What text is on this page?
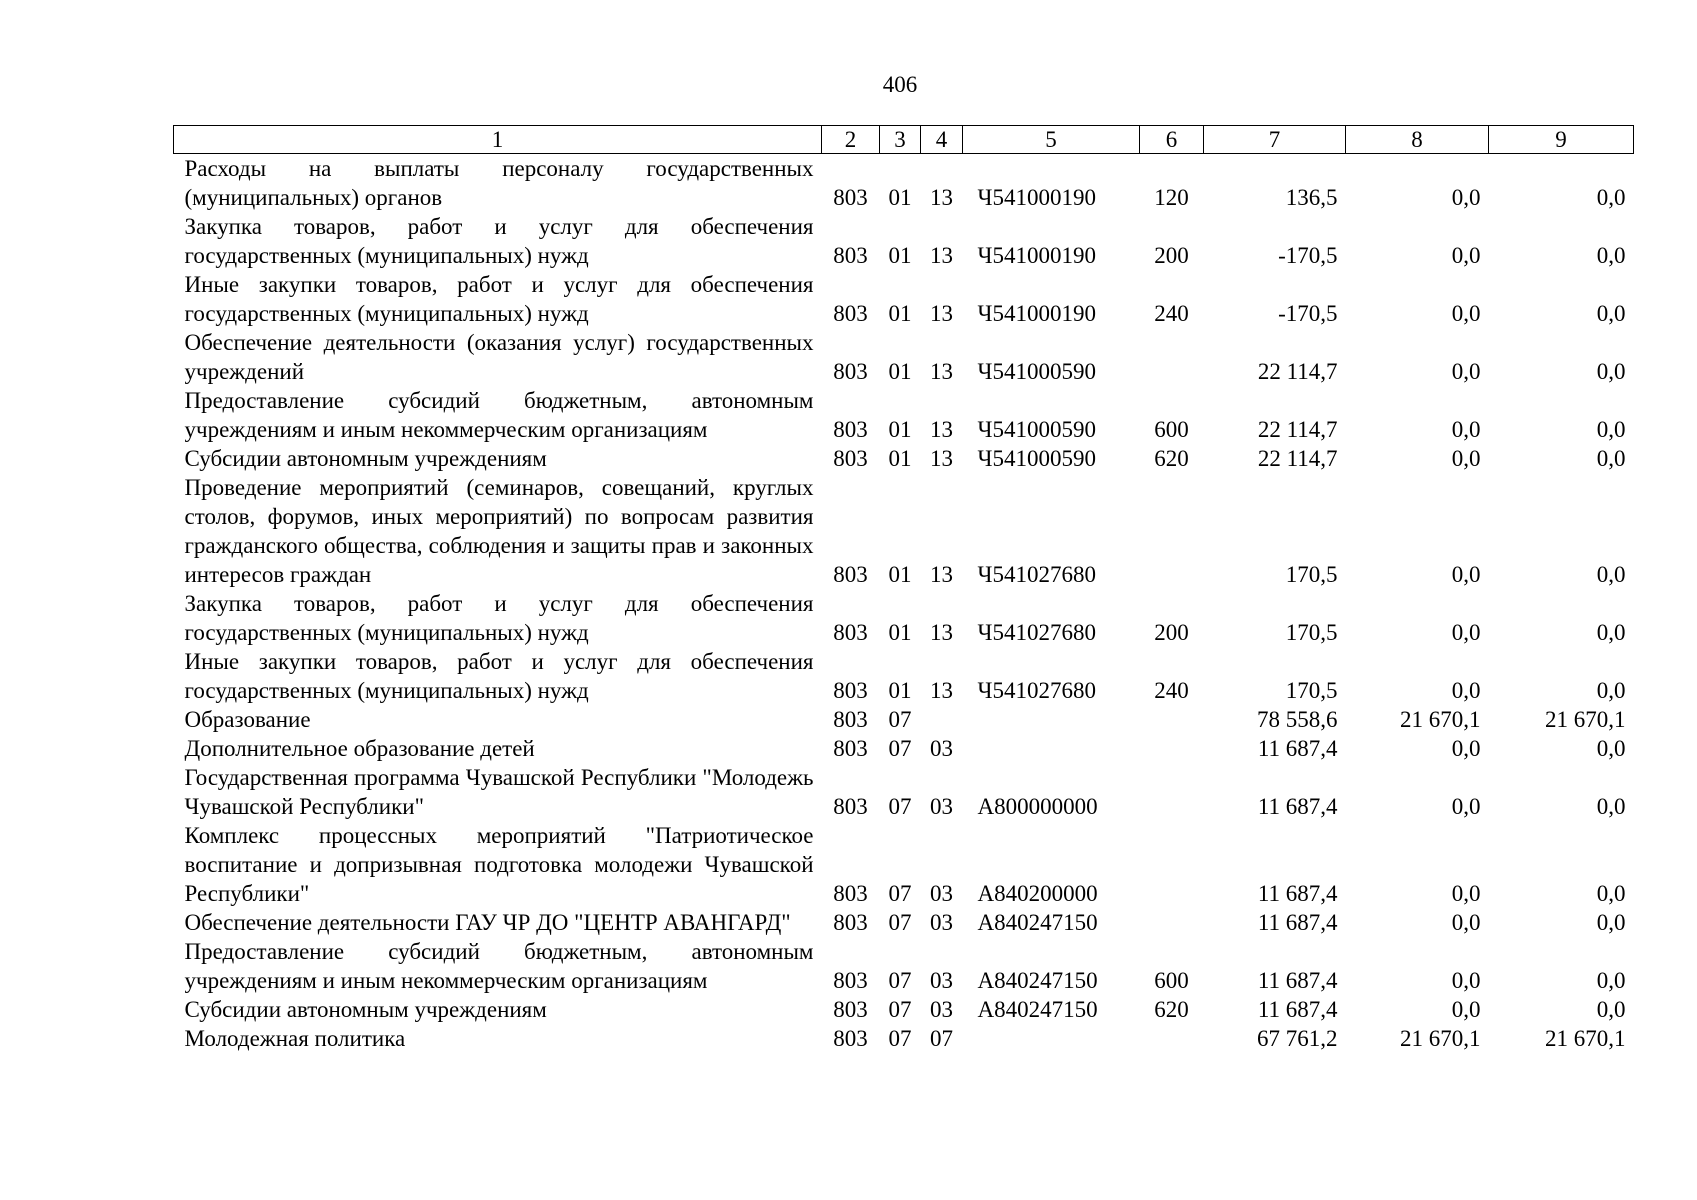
406
1	2	3	4	5	6	7	8	9
Расходы на выплаты персоналу государственных (муниципальных) органов	803	01	13	Ч541000190	120	136,5	0,0	0,0
Закупка товаров, работ и услуг для обеспечения государственных (муниципальных) нужд	803	01	13	Ч541000190	200	-170,5	0,0	0,0
Иные закупки товаров, работ и услуг для обеспечения государственных (муниципальных) нужд	803	01	13	Ч541000190	240	-170,5	0,0	0,0
Обеспечение деятельности (оказания услуг) государственных учреждений	803	01	13	Ч541000590		22 114,7	0,0	0,0
Предоставление субсидий бюджетным, автономным учреждениям и иным некоммерческим организациям	803	01	13	Ч541000590	600	22 114,7	0,0	0,0
Субсидии автономным учреждениям	803	01	13	Ч541000590	620	22 114,7	0,0	0,0
Проведение мероприятий (семинаров, совещаний, круглых столов, форумов, иных мероприятий) по вопросам развития гражданского общества, соблюдения и защиты прав и законных интересов граждан	803	01	13	Ч541027680		170,5	0,0	0,0
Закупка товаров, работ и услуг для обеспечения государственных (муниципальных) нужд	803	01	13	Ч541027680	200	170,5	0,0	0,0
Иные закупки товаров, работ и услуг для обеспечения государственных (муниципальных) нужд	803	01	13	Ч541027680	240	170,5	0,0	0,0
Образование	803	07				78 558,6	21 670,1	21 670,1
Дополнительное образование детей	803	07	03			11 687,4	0,0	0,0
Государственная программа Чувашской Республики "Молодежь Чувашской Республики"	803	07	03	А800000000		11 687,4	0,0	0,0
Комплекс процессных мероприятий "Патриотическое воспитание и допризывная подготовка молодежи Чувашской Республики"	803	07	03	А840200000		11 687,4	0,0	0,0
Обеспечение деятельности ГАУ ЧР ДО "ЦЕНТР АВАНГАРД"	803	07	03	А840247150		11 687,4	0,0	0,0
Предоставление субсидий бюджетным, автономным учреждениям и иным некоммерческим организациям	803	07	03	А840247150	600	11 687,4	0,0	0,0
Субсидии автономным учреждениям	803	07	03	А840247150	620	11 687,4	0,0	0,0
Молодежная политика	803	07	07			67 761,2	21 670,1	21 670,1
